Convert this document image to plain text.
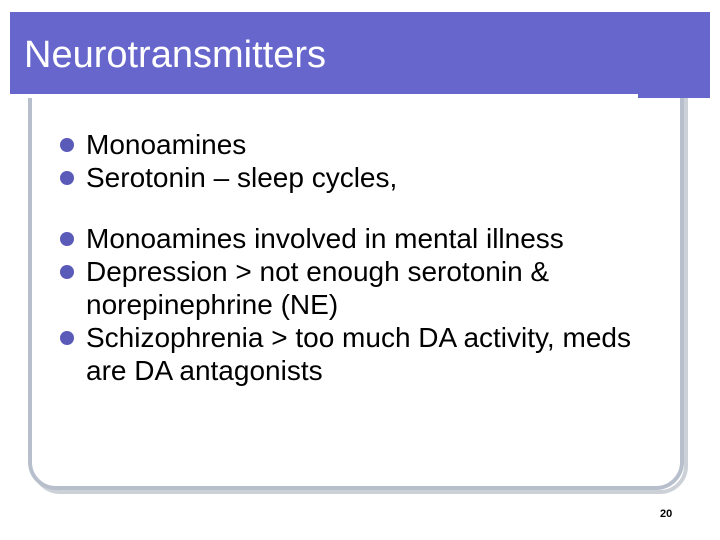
Neurotransmitters
Monoamines
Serotonin – sleep cycles,
Monoamines involved in mental illness
Depression > not enough serotonin & norepinephrine (NE)
Schizophrenia > too much DA activity, meds are DA antagonists
20
